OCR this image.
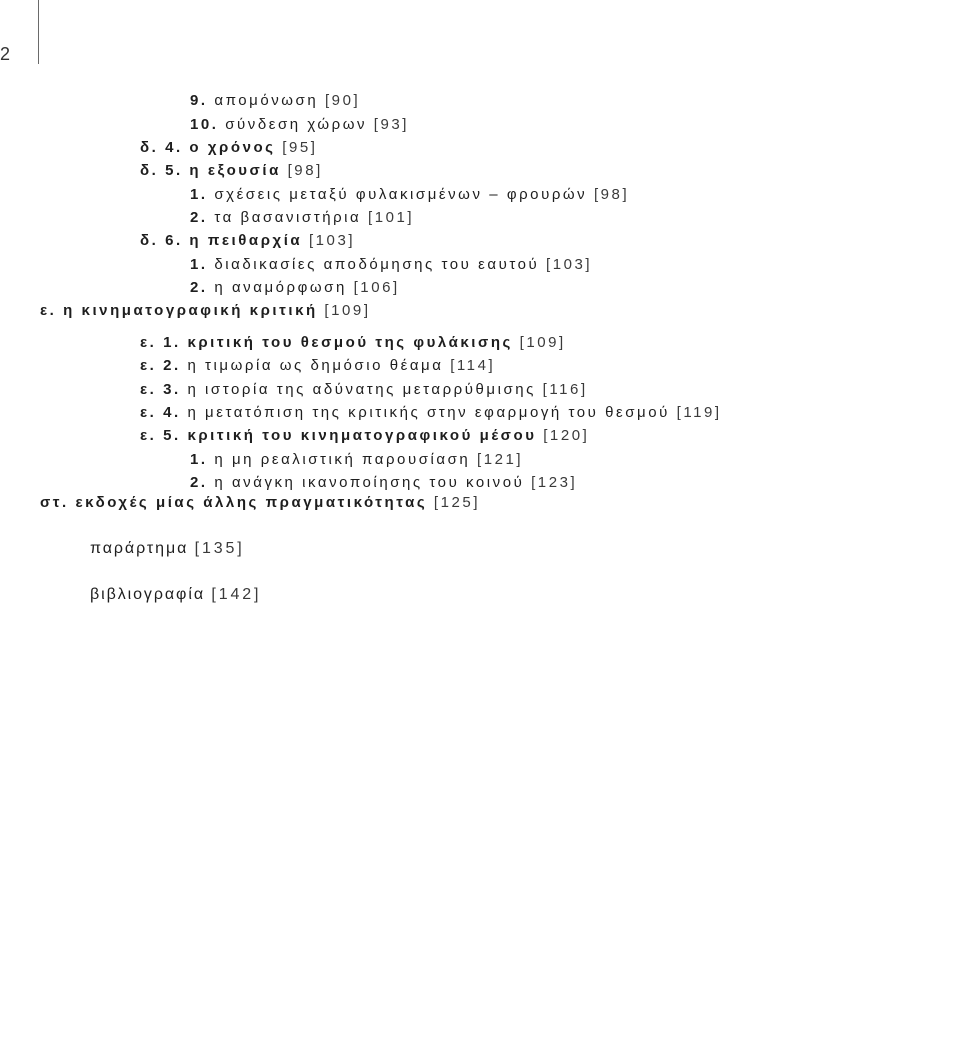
2
9. απομόνωση [90]
10. σύνδεση χώρων [93]
δ. 4. ο χρόνος [95]
δ. 5. η εξουσία [98]
1. σχέσεις μεταξύ φυλακισμένων – φρουρών [98]
2. τα βασανιστήρια [101]
δ. 6. η πειθαρχία [103]
1. διαδικασίες αποδόμησης του εαυτού [103]
2. η αναμόρφωση [106]
ε. η κινηματογραφική κριτική [109]
ε. 1. κριτική του θεσμού της φυλάκισης [109]
ε. 2. η τιμωρία ως δημόσιο θέαμα [114]
ε. 3. η ιστορία της αδύνατης μεταρρύθμισης [116]
ε. 4. η μετατόπιση της κριτικής στην εφαρμογή του θεσμού [119]
ε. 5. κριτική του κινηματογραφικού μέσου [120]
1. η μη ρεαλιστική παρουσίαση [121]
2. η ανάγκη ικανοποίησης του κοινού [123]
στ. εκδοχές μίας άλλης πραγματικότητας [125]
παράρτημα [135]
βιβλιογραφία [142]
